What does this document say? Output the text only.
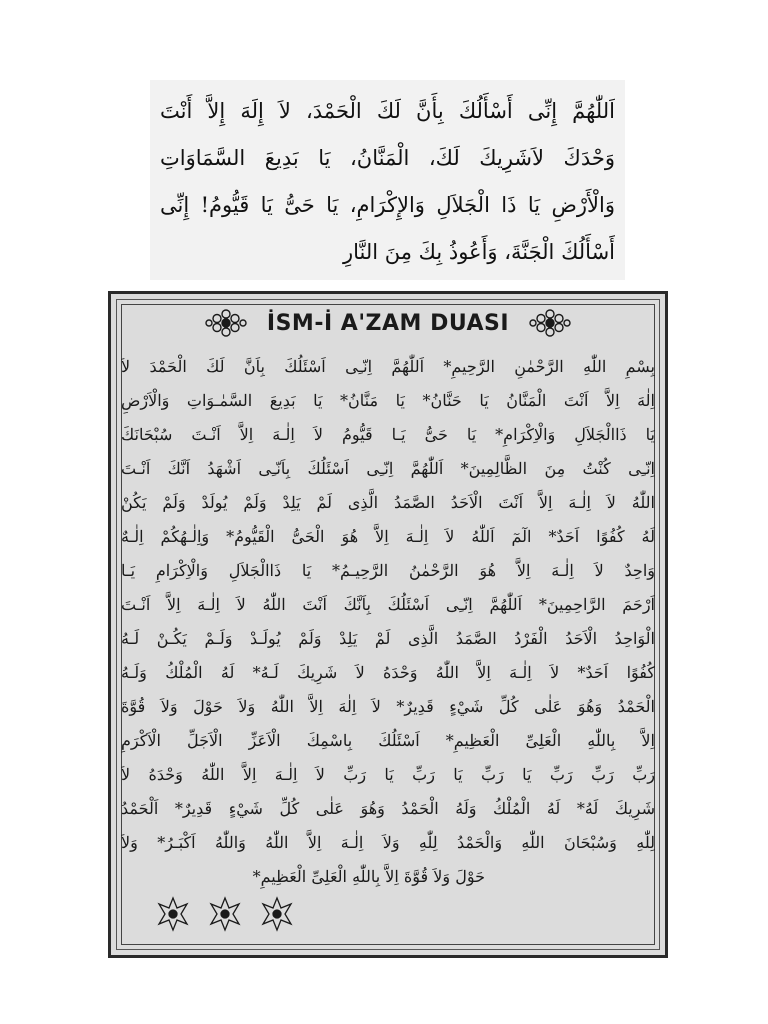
اَللّٰهُمَّ إِنِّى أَسْأَلُكَ بِأَنَّ لَكَ الْحَمْدَ، لاَ إِلَهَ إِلاَّ أَنْتَ
وَحْدَكَ لاَشَرِيكَ لَكَ، الْمَنَّانُ، يَا بَدِيعَ السَّمَاوَاتِ
وَالْأَرْضِ يَا ذَا الْجَلاَلِ وَالإِكْرَامِ، يَا حَىُّ يَا قَيُّومُ! إِنِّى
أَسْأَلُكَ الْجَنَّةَ، وَأَعُوذُ بِكَ مِنَ النَّارِ
İSM-İ A'ZAM DUASI
بِسْمِ اللّٰهِ الرَّحْمٰنِ الرَّحِيمِ* اَللّٰهُمَّ اِنّـِى اَسْئَلُكَ بِاَنَّ لَكَ الْحَمْدَ لاَ
اِلٰهَ اِلاَّ اَنْتَ الْمَنَّانُ يَا حَنَّانُ* يَا مَنَّانُ* يَا بَدِيعَ السَّمٰـوَاتِ وَالْاَرْضِ
يَا ذَاالْجَلاَلِ وَالْاِكْرَامِ* يَا حَىُّ يَـا قَيُّومُ لاَ اِلٰـهَ اِلاَّ اَنْـتَ سُبْحَانَكَ
اِنّـِى كُنْتُ مِنَ الظَّالِمِينَ* اَللّٰهُمَّ اِنّـِى اَسْئَلُكَ بِاَنّـِى اَشْهَدُ اَنَّكَ اَنْـتَ
اللّٰهُ لاَ اِلٰـهَ اِلاَّ اَنْتَ الْاَحَدُ الصَّمَدُ الَّذِى لَمْ يَلِدْ وَلَمْ يُولَدْ وَلَمْ يَكُنْ
لَهُ كُفُوًا اَحَدٌ* الٓمٓ اَللّٰهُ لاَ اِلٰـهَ اِلاَّ هُوَ الْحَىُّ الْقَيُّومُ* وَاِلٰـهُكُمْ اِلٰـهٌ
وَاحِدٌ لاَ اِلٰـهَ اِلاَّ هُوَ الرَّحْمٰنُ الرَّحِيـمُ* يَا ذَاالْجَلاَلِ وَالْاِكْرَامِ يَـا
اَرْحَمَ الرَّاحِمِينَ* اَللّٰهُمَّ اِنّـِى اَسْئَلُكَ بِاَنَّكَ اَنْتَ اللّٰهُ لاَ اِلٰـهَ اِلاَّ اَنْـتَ
الْوَاحِدُ الْاَحَدُ الْفَرْدُ الصَّمَدُ الَّذِى لَمْ يَلِدْ وَلَمْ يُولَـدْ وَلَـمْ يَكُـنْ لَـهُ
كُفُوًا اَحَدٌ* لاَ اِلٰـهَ اِلاَّ اللّٰهُ وَحْدَهُ لاَ شَرِيكَ لَـهُ* لَهُ الْمُلْكُ وَلَـهُ
الْحَمْدُ وَهُوَ عَلٰى كُلِّ شَيْءٍ قَدِيرٌ* لاَ اِلٰهَ اِلاَّ اللّٰهُ وَلاَ حَوْلَ وَلاَ قُوَّةَ
اِلاَّ بِاللّٰهِ الْعَلِىِّ الْعَظِيمِ* اَسْئَلُكَ بِاسْمِكَ الْاَعَزِّ الْاَجَلِّ الْاَكْرَمِ
رَبِّ رَبِّ رَبِّ يَا رَبِّ يَا رَبِّ يَا رَبِّ لاَ اِلٰـهَ اِلاَّ اللّٰهُ وَحْدَهُ لاَ
شَرِيكَ لَهُ* لَهُ الْمُلْكُ وَلَهُ الْحَمْدُ وَهُوَ عَلٰى كُلِّ شَيْءٍ قَدِيرٌ* اَلْحَمْدُ
لِلّٰهِ وَسُبْحَانَ اللّٰهِ وَالْحَمْدُ لِلّٰهِ وَلاَ اِلٰـهَ اِلاَّ اللّٰهُ وَاللّٰهُ اَكْبَـرُ* وَلاَ
حَوْلَ وَلاَ قُوَّةَ اِلاَّ بِاللّٰهِ الْعَلِىِّ الْعَظِيمِ*
